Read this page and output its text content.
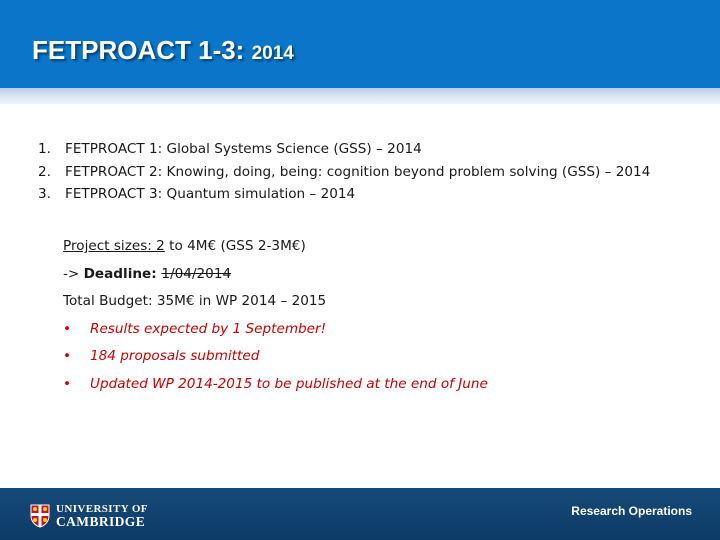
FETPROACT 1-3: 2014
1.	FETPROACT 1: Global Systems Science (GSS) – 2014
2.	FETPROACT 2: Knowing, doing, being: cognition beyond problem solving (GSS) – 2014
3.	FETPROACT 3: Quantum simulation – 2014
Project sizes: 2 to 4M€ (GSS 2-3M€)
-> Deadline: 1/04/2014
Total Budget: 35M€ in WP 2014 – 2015
•	Results expected by 1 September!
•	184 proposals submitted
•	Updated WP 2014-2015 to be published at the end of June
UNIVERSITY OF
CAMBRIDGE
Research Operations
